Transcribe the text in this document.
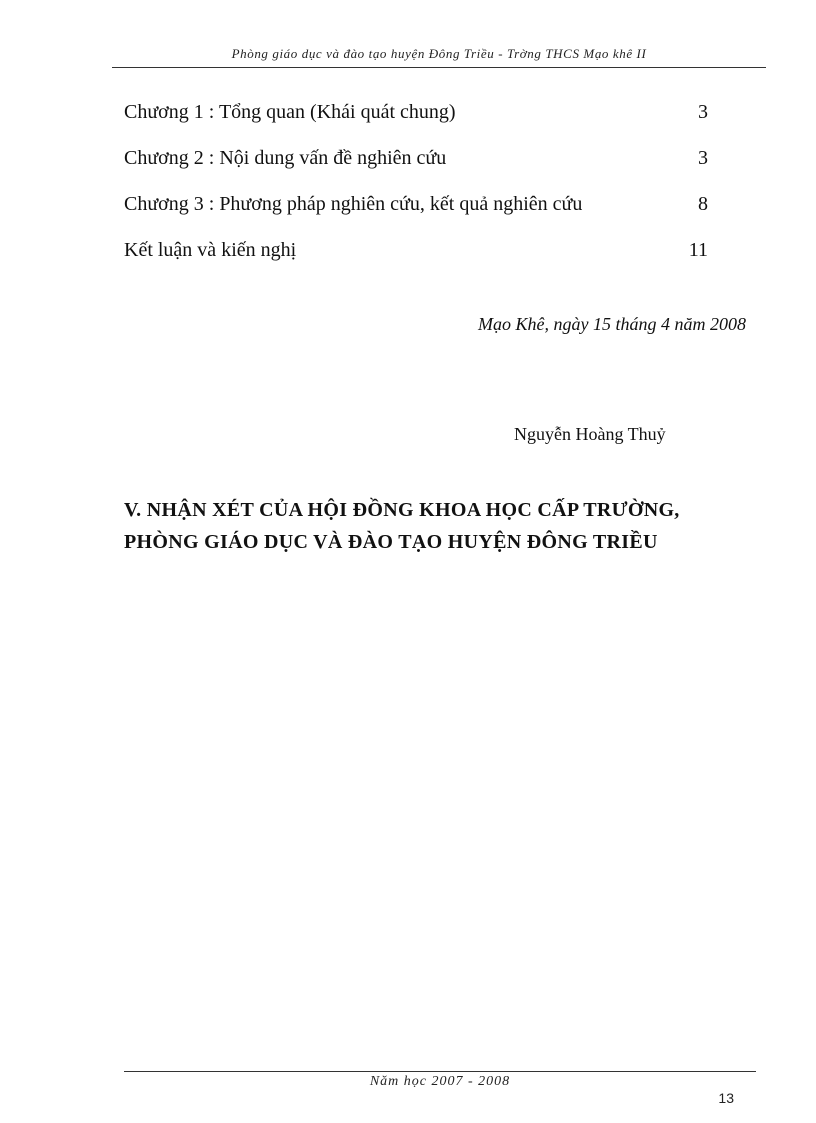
Phòng giáo dục và đào tạo huyện Đông Triều - Trờng THCS Mạo khê II
Chương 1 : Tổng quan (Khái quát chung)	3
Chương 2 : Nội dung vấn đề nghiên cứu	3
Chương 3 : Phương pháp nghiên cứu, kết quả nghiên cứu	8
Kết luận và kiến nghị	11
Mạo Khê, ngày 15 tháng 4 năm 2008
Nguyễn Hoàng Thuỷ
V. NHẬN XÉT CỦA HỘI ĐỒNG KHOA HỌC CẤP TRƯỜNG,
PHÒNG GIÁO DỤC VÀ ĐÀO TẠO HUYỆN ĐÔNG TRIỀU
Năm học 2007 - 2008
13
